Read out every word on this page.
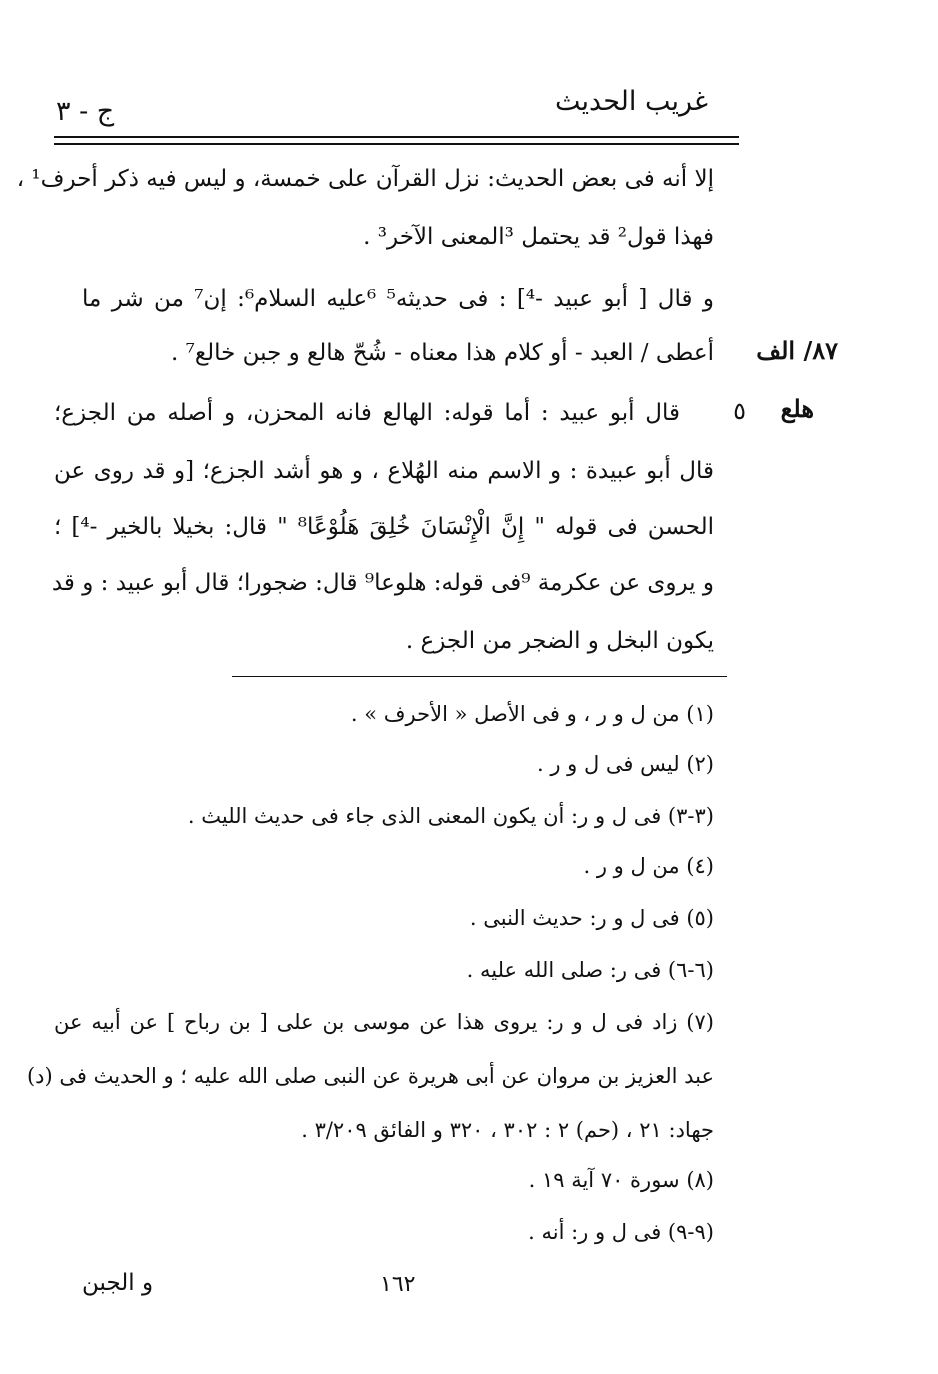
غريب الحديث
ج - ٣
إلا أنه فى بعض الحديث: نزل القرآن على خمسة، و ليس فيه ذكر أحرف¹ ،
فهذا قول² قد يحتمل ³المعنى الآخر³ .
و قال [ أبو عبيد -⁴] : فى حديثه⁵ ⁶عليه السلام⁶: إن⁷ من شر ما
أعطى / العبد - أو كلام هذا معناه - شُحّ هالع و جبن خالع⁷ .
قال أبو عبيد : أما قوله: الهالع فانه المحزن، و أصله من الجزع؛
قال أبو عبيدة : و الاسم منه الهُلاع ، و هو أشد الجزع؛ [و قد روى عن
الحسن فى قوله " إِنَّ الْإِنْسَانَ خُلِقَ هَلُوْعًا⁸ " قال: بخيلا بالخير -⁴] ؛
و يروى عن عكرمة ⁹فى قوله: هلوعا⁹ قال: ضجورا؛ قال أبو عبيد : و قد
يكون البخل و الضجر من الجزع .
٨٧/ الف
هلع
٥
(١) من ل و ر ، و فى الأصل « الأحرف » .
(٢) ليس فى ل و ر .
(٣-٣) فى ل و ر: أن يكون المعنى الذى جاء فى حديث الليث .
(٤) من ل و ر .
(٥) فى ل و ر: حديث النبى .
(٦-٦) فى ر: صلى الله عليه .
(٧) زاد فى ل و ر: يروى هذا عن موسى بن على [ بن رباح ] عن أبيه عن
عبد العزيز بن مروان عن أبى هريرة عن النبى صلى الله عليه ؛ و الحديث فى (د)
جهاد: ٢١ ، (حم) ٢ : ٣٠٢ ، ٣٢٠ و الفائق ٣/٢٠٩ .
(٨) سورة ٧٠ آية ١٩ .
(٩-٩) فى ل و ر: أنه .
١٦٢
و الجبن
